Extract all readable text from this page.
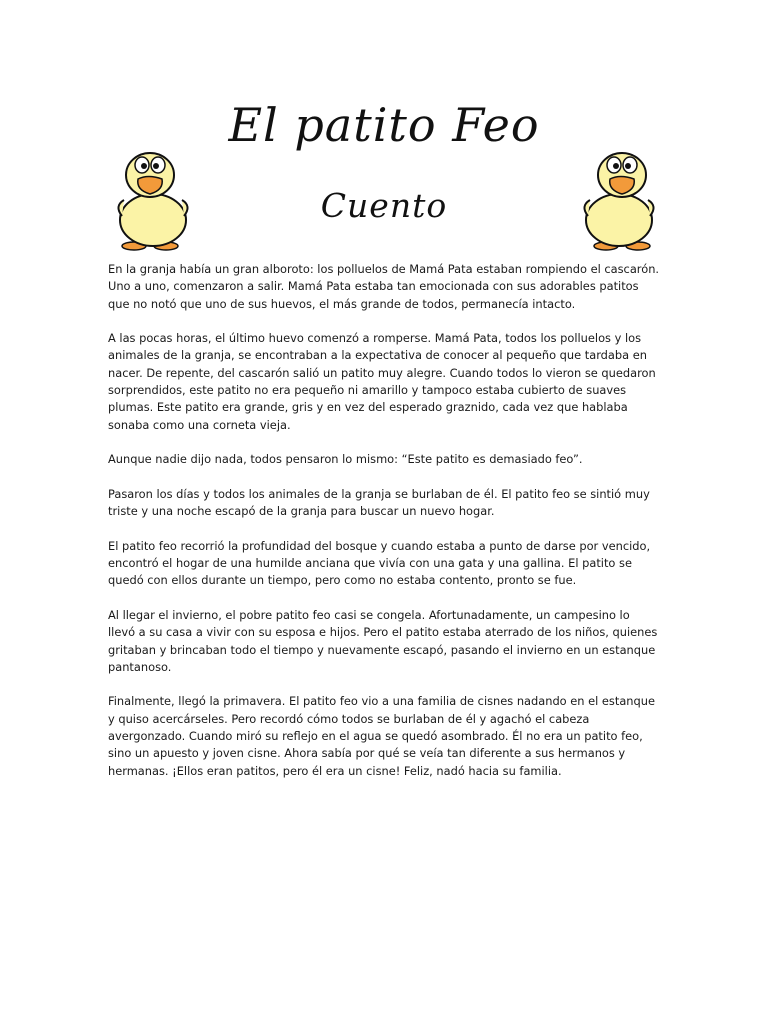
El patito Feo
Cuento

En la granja había un gran alboroto: los polluelos de Mamá Pata estaban rompiendo el cascarón. Uno a uno, comenzaron a salir. Mamá Pata estaba tan emocionada con sus adorables patitos que no notó que uno de sus huevos, el más grande de todos, permanecía intacto.

A las pocas horas, el último huevo comenzó a romperse. Mamá Pata, todos los polluelos y los animales de la granja, se encontraban a la expectativa de conocer al pequeño que tardaba en nacer. De repente, del cascarón salió un patito muy alegre. Cuando todos lo vieron se quedaron sorprendidos, este patito no era pequeño ni amarillo y tampoco estaba cubierto de suaves plumas. Este patito era grande, gris y en vez del esperado graznido, cada vez que hablaba sonaba como una corneta vieja.

Aunque nadie dijo nada, todos pensaron lo mismo: “Este patito es demasiado feo”.

Pasaron los días y todos los animales de la granja se burlaban de él. El patito feo se sintió muy triste y una noche escapó de la granja para buscar un nuevo hogar.

El patito feo recorrió la profundidad del bosque y cuando estaba a punto de darse por vencido, encontró el hogar de una humilde anciana que vivía con una gata y una gallina. El patito se quedó con ellos durante un tiempo, pero como no estaba contento, pronto se fue.

Al llegar el invierno, el pobre patito feo casi se congela. Afortunadamente, un campesino lo llevó a su casa a vivir con su esposa e hijos. Pero el patito estaba aterrado de los niños, quienes gritaban y brincaban todo el tiempo y nuevamente escapó, pasando el invierno en un estanque pantanoso.

Finalmente, llegó la primavera. El patito feo vio a una familia de cisnes nadando en el estanque y quiso acercárseles. Pero recordó cómo todos se burlaban de él y agachó el cabeza avergonzado. Cuando miró su reflejo en el agua se quedó asombrado. Él no era un patito feo, sino un apuesto y joven cisne. Ahora sabía por qué se veía tan diferente a sus hermanos y hermanas. ¡Ellos eran patitos, pero él era un cisne! Feliz, nadó hacia su familia.
